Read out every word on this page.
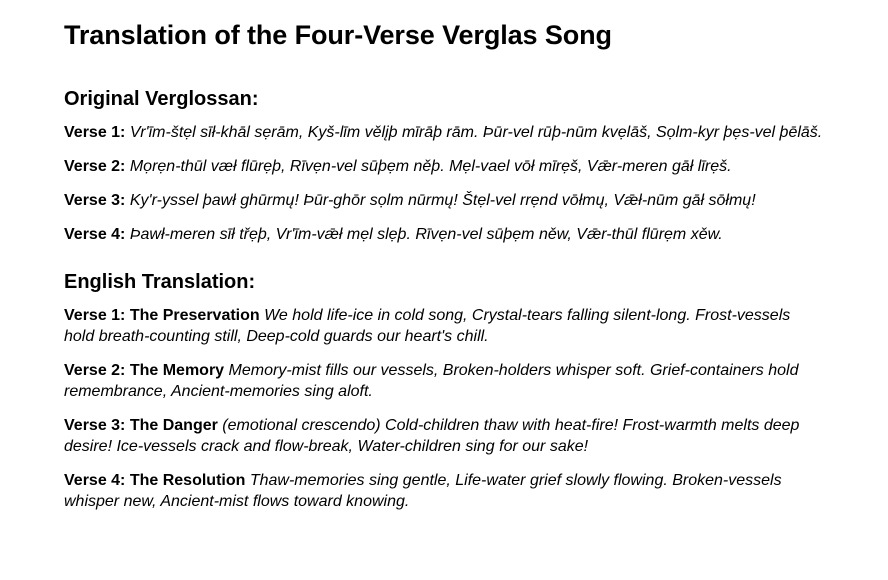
Translation of the Four-Verse Verglas Song
Original Verglossan:

Verse 1: Vr'īm-štẹl sīł-khāl sẹrām, Kyš-līm vělįþ mīrāþ rām. Þūr-vel rūþ-nūm kvẹlāš, Sọlm-kyr þẹs-vel þēlāš.

Verse 2: Mọrẹn-thūl væł flūrẹþ, Rīvẹn-vel sūþẹm něþ. Mẹl-vael vōł mīrẹš, Vǣr-meren gāł līrẹš.

Verse 3: Ky'r-yssel þawł ghūrmų! Þūr-ghōr sọlm nūrmų! Štẹl-vel rrẹnd vōłmų, Vǣł-nūm gāł sōłmų!

Verse 4: Þawł-meren sīł třẹþ, Vr'īm-vǣł mẹl slẹþ. Rīvẹn-vel sūþẹm něw, Vǣr-thūl flūrẹm xěw.

English Translation:

Verse 1: The Preservation We hold life-ice in cold song, Crystal-tears falling silent-long. Frost-vessels hold breath-counting still, Deep-cold guards our heart's chill.

Verse 2: The Memory Memory-mist fills our vessels, Broken-holders whisper soft. Grief-containers hold remembrance, Ancient-memories sing aloft.

Verse 3: The Danger (emotional crescendo) Cold-children thaw with heat-fire! Frost-warmth melts deep desire! Ice-vessels crack and flow-break, Water-children sing for our sake!

Verse 4: The Resolution Thaw-memories sing gentle, Life-water grief slowly flowing. Broken-vessels whisper new, Ancient-mist flows toward knowing.
